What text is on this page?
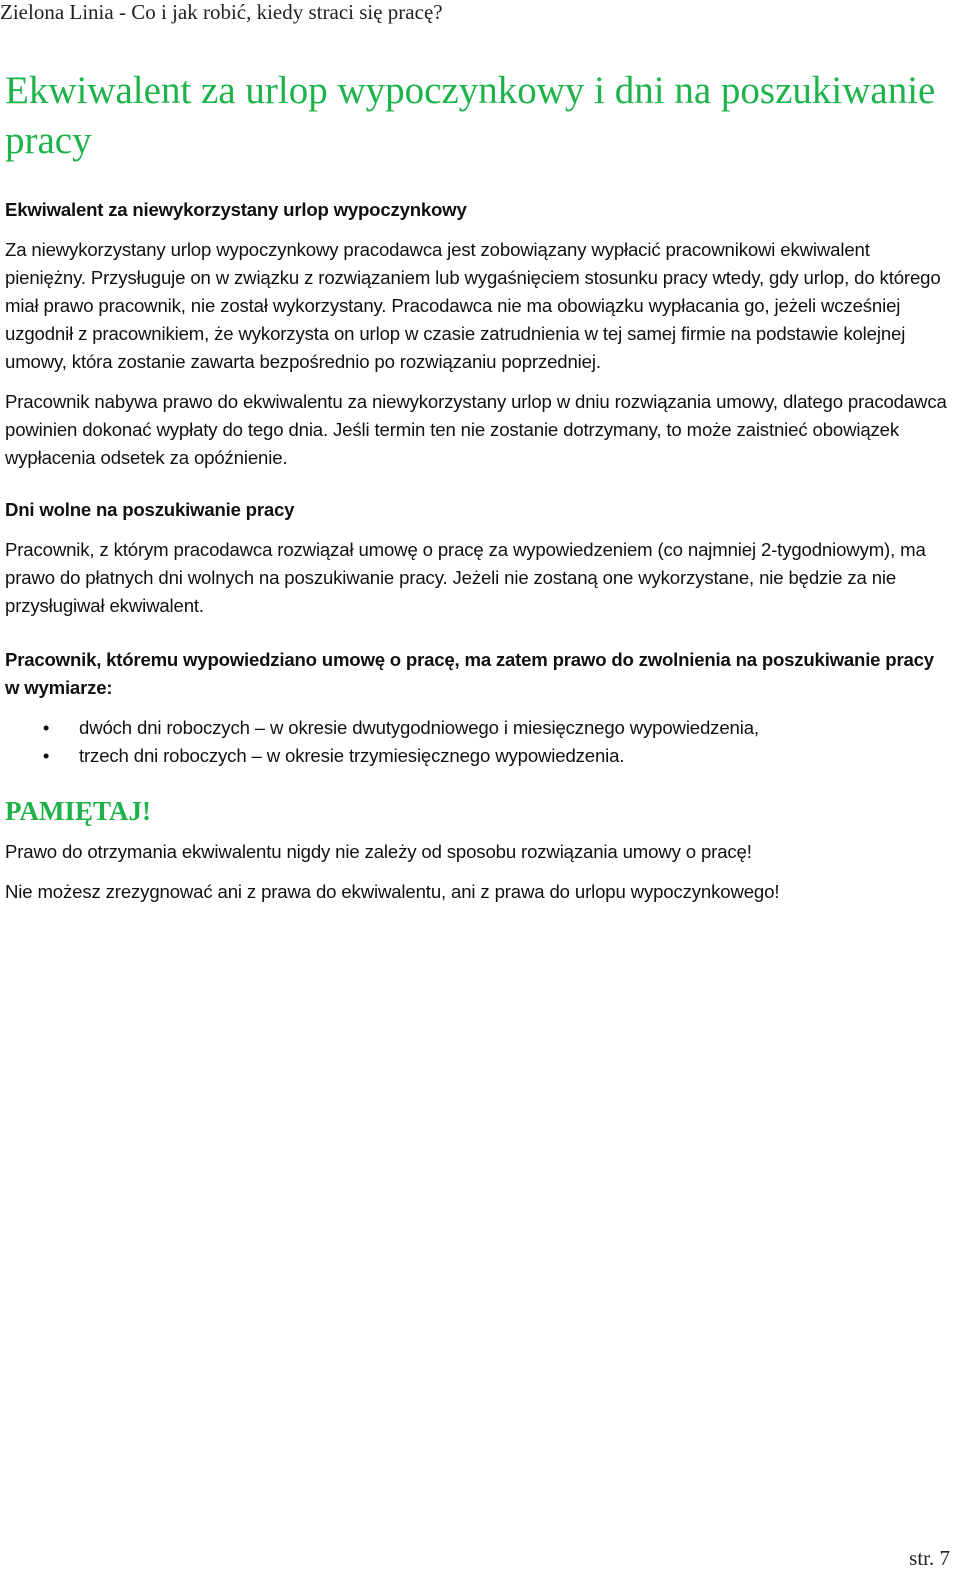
Zielona Linia - Co i jak robić, kiedy straci się pracę?
Ekwiwalent za urlop wypoczynkowy i dni na poszukiwanie pracy
Ekwiwalent za niewykorzystany urlop wypoczynkowy

Za niewykorzystany urlop wypoczynkowy pracodawca jest zobowiązany wypłacić pracownikowi ekwiwalent pieniężny. Przysługuje on w związku z rozwiązaniem lub wygaśnięciem stosunku pracy wtedy, gdy urlop, do którego miał prawo pracownik, nie został wykorzystany. Pracodawca nie ma obowiązku wypłacania go, jeżeli wcześniej uzgodnił z pracownikiem, że wykorzysta on urlop w czasie zatrudnienia w tej samej firmie na podstawie kolejnej umowy, która zostanie zawarta bezpośrednio po rozwiązaniu poprzedniej.

Pracownik nabywa prawo do ekwiwalentu za niewykorzystany urlop w dniu rozwiązania umowy, dlatego pracodawca powinien dokonać wypłaty do tego dnia. Jeśli termin ten nie zostanie dotrzymany, to może zaistnieć obowiązek wypłacenia odsetek za opóźnienie.

Dni wolne na poszukiwanie pracy

Pracownik, z którym pracodawca rozwiązał umowę o pracę za wypowiedzeniem (co najmniej 2-tygodniowym), ma prawo do płatnych dni wolnych na poszukiwanie pracy. Jeżeli nie zostaną one wykorzystane, nie będzie za nie przysługiwał ekwiwalent.

Pracownik, któremu wypowiedziano umowę o pracę, ma zatem prawo do zwolnienia na poszukiwanie pracy w wymiarze:
• dwóch dni roboczych – w okresie dwutygodniowego i miesięcznego wypowiedzenia,
• trzech dni roboczych – w okresie trzymiesięcznego wypowiedzenia.
PAMIĘTAJ!

Prawo do otrzymania ekwiwalentu nigdy nie zależy od sposobu rozwiązania umowy o pracę!

Nie możesz zrezygnować ani z prawa do ekwiwalentu, ani z prawa do urlopu wypoczynkowego!

str. 7
